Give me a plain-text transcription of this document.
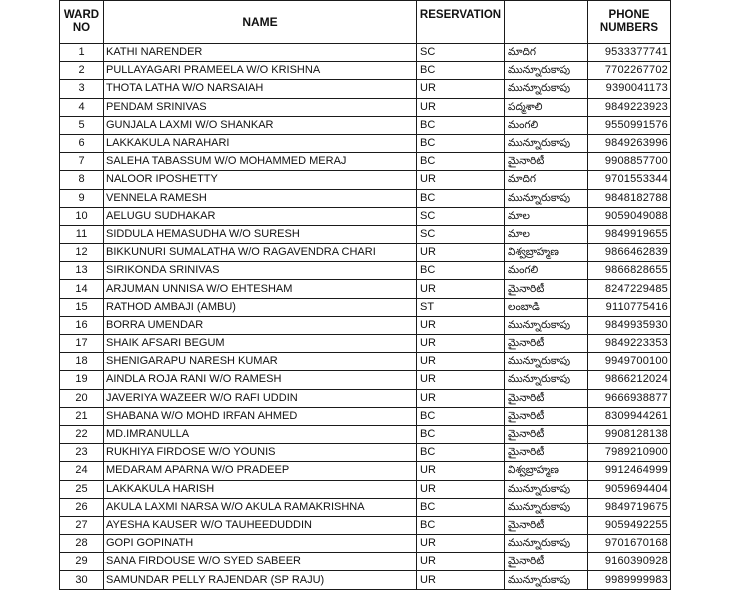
WARD
NO	NAME	RESERVATION		PHONE
NUMBERS
1	KATHI NARENDER	SC	మాదిగ	9533377741
2	PULLAYAGARI PRAMEELA W/O KRISHNA	BC	మున్నూరుకాపు	7702267702
3	THOTA LATHA W/O NARSAIAH	UR	మున్నూరుకాపు	9390041173
4	PENDAM SRINIVAS	UR	పద్మశాలి	9849223923
5	GUNJALA LAXMI W/O SHANKAR	BC	మంగలి	9550991576
6	LAKKAKULA NARAHARI	BC	మున్నూరుకాపు	9849263996
7	SALEHA TABASSUM W/O MOHAMMED MERAJ	BC	మైనారిటీ	9908857700
8	NALOOR IPOSHETTY	UR	మాదిగ	9701553344
9	VENNELA RAMESH	BC	మున్నూరుకాపు	9848182788
10	AELUGU SUDHAKAR	SC	మాల	9059049088
11	SIDDULA HEMASUDHA W/O SURESH	SC	మాల	9849919655
12	BIKKUNURI SUMALATHA W/O RAGAVENDRA CHARI	UR	విశ్వబ్రాహ్మణ	9866462839
13	SIRIKONDA SRINIVAS	BC	మంగలి	9866828655
14	ARJUMAN UNNISA W/O EHTESHAM	UR	మైనారిటీ	8247229485
15	RATHOD AMBAJI (AMBU)	ST	లంబాడి	9110775416
16	BORRA UMENDAR	UR	మున్నూరుకాపు	9849935930
17	SHAIK AFSARI BEGUM	UR	మైనారిటీ	9849223353
18	SHENIGARAPU NARESH KUMAR	UR	మున్నూరుకాపు	9949700100
19	AINDLA ROJA RANI W/O RAMESH	UR	మున్నూరుకాపు	9866212024
20	JAVERIYA WAZEER W/O RAFI UDDIN	UR	మైనారిటీ	9666938877
21	SHABANA W/O MOHD IRFAN AHMED	BC	మైనారిటీ	8309944261
22	MD.IMRANULLA	BC	మైనారిటీ	9908128138
23	RUKHIYA FIRDOSE W/O YOUNIS	BC	మైనారిటీ	7989210900
24	MEDARAM APARNA W/O PRADEEP	UR	విశ్వబ్రాహ్మణ	9912464999
25	LAKKAKULA HARISH	UR	మున్నూరుకాపు	9059694404
26	AKULA LAXMI NARSA W/O AKULA RAMAKRISHNA	BC	మున్నూరుకాపు	9849719675
27	AYESHA KAUSER W/O TAUHEEDUDDIN	BC	మైనారిటీ	9059492255
28	GOPI GOPINATH	UR	మున్నూరుకాపు	9701670168
29	SANA FIRDOUSE W/O SYED SABEER	UR	మైనారిటీ	9160390928
30	SAMUNDAR PELLY RAJENDAR (SP RAJU)	UR	మున్నూరుకాపు	9989999983
